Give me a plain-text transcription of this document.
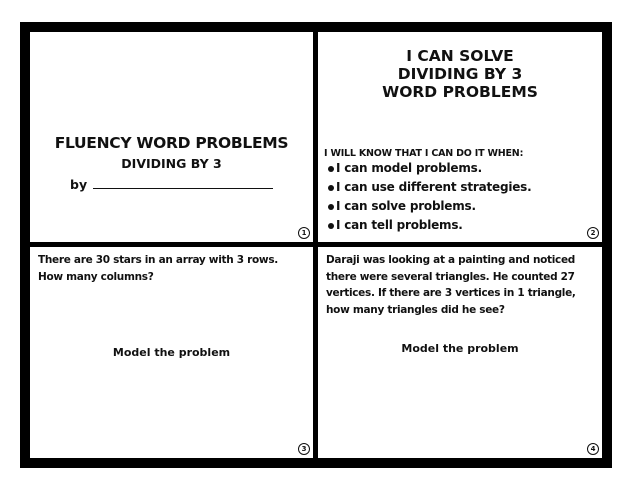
FLUENCY WORD PROBLEMS
DIVIDING BY 3
by
1
I CAN SOLVE
DIVIDING BY 3
WORD PROBLEMS
I WILL KNOW THAT I CAN DO IT WHEN:
I can model problems.
I can use different strategies.
I can solve problems.
I can tell problems.
2
There are 30 stars in an array with 3 rows. How many columns?
Model the problem
3
Daraji was looking at a painting and noticed there were several triangles. He counted 27 vertices. If there are 3 vertices in 1 triangle, how many triangles did he see?
Model the problem
4
